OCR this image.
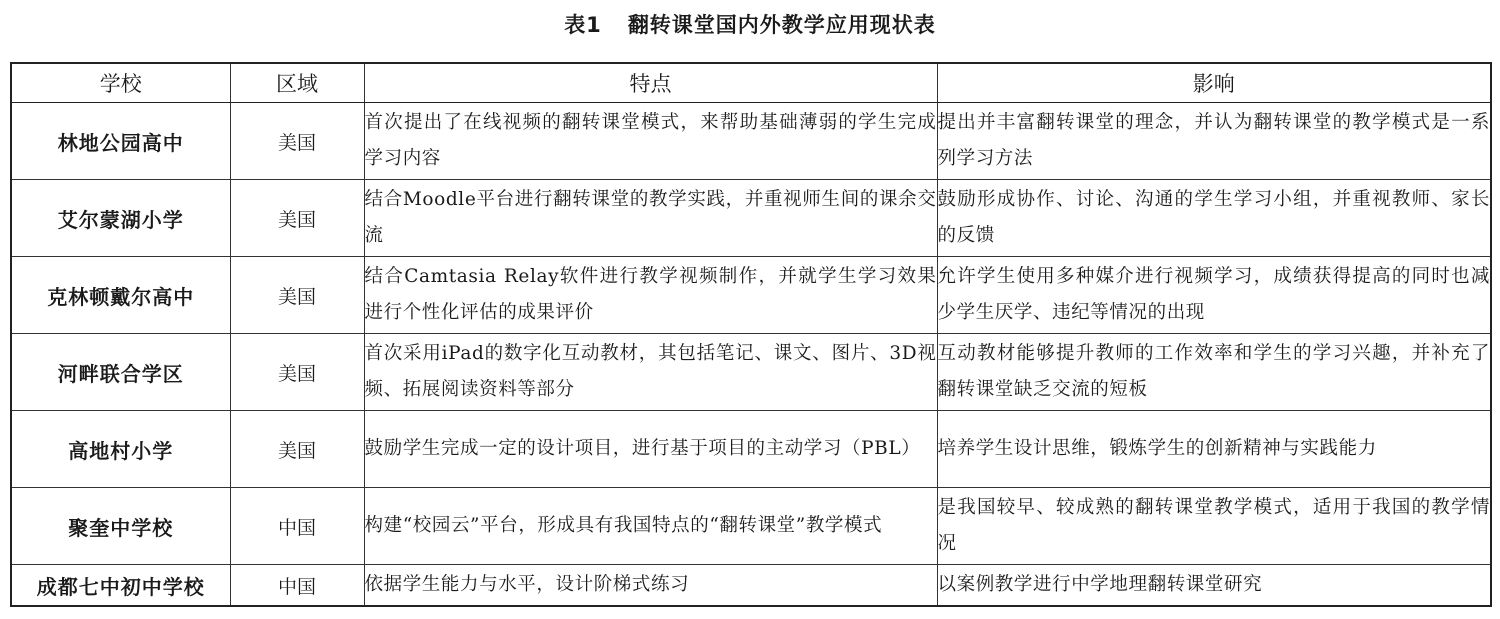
表1 翻转课堂国内外教学应用现状表
学校	区域	特点	影响
林地公园高中	美国	首次提出了在线视频的翻转课堂模式，来帮助基础薄弱的学生完成学习内容	提出并丰富翻转课堂的理念，并认为翻转课堂的教学模式是一系列学习方法
艾尔蒙湖小学	美国	结合Moodle平台进行翻转课堂的教学实践，并重视师生间的课余交流	鼓励形成协作、讨论、沟通的学生学习小组，并重视教师、家长的反馈
克林顿戴尔高中	美国	结合Camtasia Relay软件进行教学视频制作，并就学生学习效果进行个性化评估的成果评价	允许学生使用多种媒介进行视频学习，成绩获得提高的同时也减少学生厌学、违纪等情况的出现
河畔联合学区	美国	首次采用iPad的数字化互动教材，其包括笔记、课文、图片、3D视频、拓展阅读资料等部分	互动教材能够提升教师的工作效率和学生的学习兴趣，并补充了翻转课堂缺乏交流的短板
高地村小学	美国	鼓励学生完成一定的设计项目，进行基于项目的主动学习（PBL）	培养学生设计思维，锻炼学生的创新精神与实践能力
聚奎中学校	中国	构建“校园云”平台，形成具有我国特点的“翻转课堂”教学模式	是我国较早、较成熟的翻转课堂教学模式，适用于我国的教学情况
成都七中初中学校	中国	依据学生能力与水平，设计阶梯式练习	以案例教学进行中学地理翻转课堂研究
